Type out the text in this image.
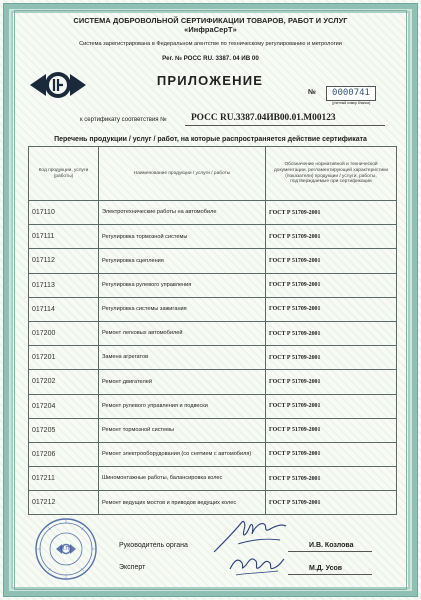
СИСТЕМА ДОБРОВОЛЬНОЙ СЕРТИФИКАЦИИ ТОВАРОВ, РАБОТ И УСЛУГ
«ИнфраСерТ»
Система зарегистрирована в Федеральном агентстве по техническому регулированию и метрологии
Рег. № РОСС RU. 3387. 04 ИВ 00
ПРИЛОЖЕНИЕ
№	0000741
(учетный номер бланка)
к сертификату соответствия №	РОСС RU.3387.04ИВ00.01.М00123
Перечень продукции / услуг / работ, на которые распространяется действие сертификата
Код продукции, услуги (работы)	Наименование продукции / услуги / работы	Обозначение нормативной и технической документации, регламентирующей характеристики (показатели) продукции / услуги, работы, подтверждаемые при сертификации
017110	Электротехнические работы на автомобиле	ГОСТ Р 51709-2001
017111	Регулировка тормозной системы	ГОСТ Р 51709-2001
017112	Регулировка сцепления	ГОСТ Р 51709-2001
017113	Регулировка рулевого управления	ГОСТ Р 51709-2001
017114	Регулировка системы зажигания	ГОСТ Р 51709-2001
017200	Ремонт легковых автомобилей	ГОСТ Р 51709-2001
017201	Замена агрегатов	ГОСТ Р 51709-2001
017202	Ремонт двигателей	ГОСТ Р 51709-2001
017204	Ремонт рулевого управления и подвески	ГОСТ Р 51709-2001
017205	Ремонт тормозной системы	ГОСТ Р 51709-2001
017206	Ремонт электрооборудования (со снятием с автомобиля)	ГОСТ Р 51709-2001
017211	Шиномонтажные работы, балансировка колес	ГОСТ Р 51709-2001
017212	Ремонт ведущих мостов и приводов ведущих колес	ГОСТ Р 51709-2001
М.П.	Руководитель органа	И.В. Козлова
Эксперт	М.Д. Усов
